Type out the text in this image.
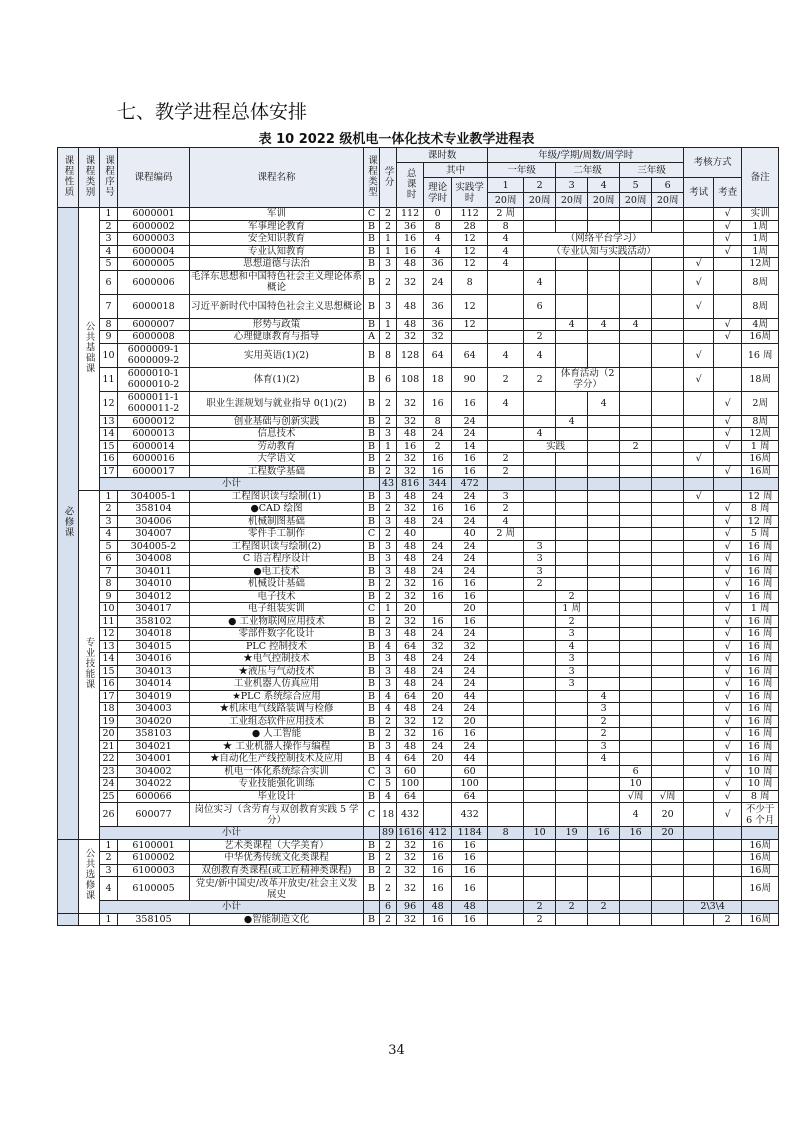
七、教学进程总体安排
表 10 2022 级机电一体化技术专业教学进程表
课程性质	课程类别	课程序号	课程编码	课程名称	课程类型	学分	课时数			年级/学期/周数/周学时						考核方式		备注
							总课时	其中		一年级		二年级		三年级				
								理论学时	实践学时	1	2	3	4	5	6	考试	考查	
										20周	20周	20周	20周	20周	20周			
必修课	公共基础课	1	6000001	军训	C	2	112	0	112	2 周							√	实训
		2	6000002	军事理论教育	B	2	36	8	28	8							√	1周
		3	6000003	安全知识教育	B	1	16	4	12	4	（网络平台学习）						√	1周
		4	6000004	专业认知教育	B	1	16	4	12	4	（专业认知与实践活动）						√	1周
		5	6000005	思想道德与法治	B	3	48	36	12	4						√		12周
		6	6000006	毛泽东思想和中国特色社会主义理论体系概论	B	2	32	24	8		4					√		8周
		7	6000018	习近平新时代中国特色社会主义思想概论	B	3	48	36	12		6					√		8周
		8	6000007	形势与政策	B	1	48	36	12			4	4	4			√	4周
		9	6000008	心理健康教育与指导	A	2	32	32			2						√	16周
		10	6000009-1
6000009-2	实用英语(1)(2)	B	8	128	64	64	4	4					√		16 周
		11	6000010-1
6000010-2	体育(1)(2)	B	6	108	18	90	2	2	体育活动（2 学分）				√		18周
		12	6000011-1
6000011-2	职业生涯规划与就业指导 0(1)(2)	B	2	32	16	16	4			4				√	2周
		13	6000012	创业基础与创新实践	B	2	32	8	24			4					√	8周
		14	6000013	信息技术	B	3	48	24	24		4						√	12周
		15	6000014	劳动教育	B	1	16	2	14		实践			2			√	1 周
		16	6000016	大学语文	B	2	32	16	16	2						√		16周
		17	6000017	工程数学基础	B	2	32	16	16	2							√	16周
		小计				43	816	344	472									
	专业技能课	1	304005-1	工程图识读与绘制(1)	B	3	48	24	24	3						√		12 周
		2	358104	●CAD 绘图	B	2	32	16	16	2							√	8 周
		3	304006	机械制图基础	B	3	48	24	24	4							√	12 周
		4	304007	零件手工制作	C	2	40		40	2 周							√	5 周
		5	304005-2	工程图识读与绘制(2)	B	3	48	24	24		3						√	16 周
		6	304008	C 语言程序设计	B	3	48	24	24		3						√	16 周
		7	304011	●电工技术	B	3	48	24	24		3						√	16 周
		8	304010	机械设计基础	B	2	32	16	16		2						√	16 周
		9	304012	电子技术	B	2	32	16	16			2					√	16 周
		10	304017	电子组装实训	C	1	20		20			1 周					√	1 周
		11	358102	● 工业物联网应用技术	B	2	32	16	16			2					√	16 周
		12	304018	零部件数字化设计	B	3	48	24	24			3					√	16 周
		13	304015	PLC 控制技术	B	4	64	32	32			4					√	16 周
		14	304016	★电气控制技术	B	3	48	24	24			3					√	16 周
		15	304013	★液压与气动技术	B	3	48	24	24			3					√	16 周
		16	304014	工业机器人仿真应用	B	3	48	24	24			3					√	16 周
		17	304019	★PLC 系统综合应用	B	4	64	20	44				4				√	16 周
		18	304003	★机床电气线路装调与检修	B	4	48	24	24				3				√	16 周
		19	304020	工业组态软件应用技术	B	2	32	12	20				2				√	16 周
		20	358103	● 人工智能	B	2	32	16	16				2				√	16 周
		21	304021	★ 工业机器人操作与编程	B	3	48	24	24				3				√	16 周
		22	304001	★自动化生产线控制技术及应用	B	4	64	20	44				4				√	16 周
		23	304002	机电一体化系统综合实训	C	3	60		60					6			√	10 周
		24	304022	专业技能强化训练	C	5	100		100					10			√	10 周
		25	600066	毕业设计	B	4	64		64					√周	√周		√	8 周
		26	600077	岗位实习（含劳育与双创教育实践 5 学分）	C	18	432		432					4	20		√	不少于 6 个月
		小计				89	1616	412	1184	8	10	19	16	16	20			
	公共选修课	1	6100001	艺术类课程（大学美育）	B	2	32	16	16									16周
		2	6100002	中华优秀传统文化类课程	B	2	32	16	16									16周
		3	6100003	双创教育类课程(或工匠精神类课程)	B	2	32	16	16									16周
		4	6100005	党史/新中国史/改革开放史/社会主义发展史	B	2	32	16	16									16周
		小计				6	96	48	48		2	2	2			2\3\4		
		1	358105	●智能制造文化	B	2	32	16	16		2						2	16周
34
